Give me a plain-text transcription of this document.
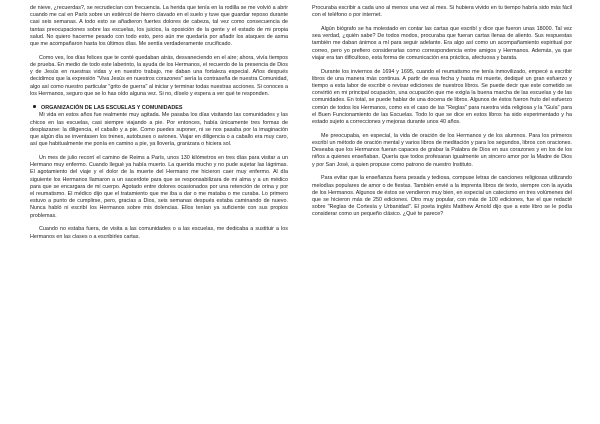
de nieve, ¿recuerdas?, se recrudecían con frecuencia. La herida que tenía en la rodilla se me volvió a abrir cuando me caí en París sobre un estiércol de hierro clavado en el suelo y tuve que guardar reposo durante casi seis semanas. A todo esto se añadieron fuertes dolores de cabeza, tal vez como consecuencia de tantas preocupaciones sobre las escuelas, los juicios, la oposición de la gente y el estado de mi propia salud. No quiero hacerme pesado con todo esto, pero aún me quedaría por añadir los ataques de asma que me acompañaron hasta los últimos días. Me sentía verdaderamente crucificado.

Como ves, los días felices que te conté quedaban atrás, desvaneciendo en el aire; ahora, vivía tiempos de prueba. En medio de todo este laberinto, la ayuda de los Hermanos, el recuerdo de la presencia de Dios y de Jesús en nuestras vidas y en nuestro trabajo, me daban una fortaleza especial. Años después decidimos que la expresión "Viva Jesús en nuestros corazones" sería la contraseña de nuestra Comunidad, algo así como nuestro particular "grito de guerra" al iniciar y terminar todas nuestras acciones. Si conoces a los Hermanos, seguro que se lo has oído alguna vez. Si no, díselo y espera a ver qué te responden.

ORGANIZACIÓN DE LAS ESCUELAS Y COMUNIDADES

Mi vida en estos años fue realmente muy agitada. Me pasaba los días visitando las comunidades y las chicos en las escuelas, casi siempre viajando a pie. Por entonces, había únicamente tres formas de desplazarse: la diligencia, el caballo y a pie. Como puedes suponer, ni se nos pasaba por la imaginación que algún día se inventasen los trenes, autobuses o aviones. Viajar en diligencia o a caballo era muy caro, así que habitualmente me ponía en camino a pie, ya llovería, granizara o hiciera sol.

Un mes de julio recorrí el camino de Reims a París, unos 130 kilómetros en tres días para visitar a un Hermano muy enfermo. Cuando llegué ya había muerto. La querida mucho y no pude sujetar las lágrimas. El agotamiento del viaje y el dolor de la muerte del Hermano me hicieron caer muy enfermo. Al día siguiente los Hermanos llamaron a un sacerdote para que se responsabilizara de mi alma y a un médico para que se encargara de mi cuerpo. Agotado entre dolores ocasionados por una retención de orina y por el reumatismo. El médico dijo que el tratamiento que me iba a dar o me mataba o me curaba. Lo primero estuvo a punto de cumplirse, pero, gracias a Dios, seis semanas después estaba caminando de nuevo. Nunca habló ni escribí los Hermanos sobre mis dolencias. Ellos tenían ya suficiente con sus propios problemas.

Cuando no estaba fuera, de visita a las comunidades o a las escuelas, me dedicaba a sustituir a los Hermanos en las clases o a escribirles cartas.

Procuraba escribir a cada uno al menos una vez al mes. Si hubiera vivido en tu tiempo habría sido más fácil con el teléfono o por internet.

Algún biógrafo se ha molestado en contar las cartas que escribí y dice que fueron unas 18000. Tal vez sea verdad, ¿quién sabe? De todos modos, procuraba que fueran cartas llenas de aliento. Sus respuestas también me daban ánimos a mí para seguir adelante. Era algo así como un acompañamiento espiritual por correo, pero yo prefiero considerarlas como correspondencia entre amigos y Hermanos. Además, ya que viajar era tan dificultoso, esta forma de comunicación era práctica, afectuosa y barata.

Durante los inviernos de 1694 y 1695, cuando el reumatismo me tenía inmovilizado, empecé a escribir libros de una manera más continua. A partir de esa fecha y hasta mi muerte, dediqué un gran esfuerzo y tiempo a esta labor de escribir o revisar ediciones de nuestros libros. Se puede decir que este cometido se convirtió en mi principal ocupación, una ocupación que me exigía la buena marcha de las escuelas y de las comunidades. En total, se puede hablar de una docena de libros. Algunos de éstos fueron fruto del esfuerzo común de todos los Hermanos, como es el caso de las "Reglas" para nuestra vida religiosa y la "Guía" para el Buen Funcionamiento de las Escuelas. Todo lo que se dice en estos libros ha sido experimentado y ha estado sujeto a correcciones y mejoras durante unos 40 años.

Me preocupaba, en especial, la vida de oración de los Hermanos y de los alumnos. Para los primeros escribí un método de oración mental y varios libros de meditación y para los segundos, libros con oraciones. Deseaba que los Hermanos fueran capaces de grabar la Palabra de Dios en sus corazones y en los de los niños a quienes enseñaban. Quería que todos profesaran igualmente un sincero amor por la Madre de Dios y por San José, a quien propuse como patrono de nuestro Instituto.

Para evitar que la enseñanza fuera pesada y tediosa, compuse letras de canciones religiosas utilizando melodías populares de amor o de fiestas. También envié a la imprenta libros de texto, siempre con la ayuda de los Hermanos. Algunos de éstos se vendieron muy bien, en especial un catecismo en tres volúmenes del que se hicieron más de 250 ediciones. Otro muy popular, con más de 100 ediciones, fue el que redacté sobre "Reglas de Cortesía y Urbanidad". El poeta inglés Matthew Arnold dijo que a este libro se le podía considerar como un pequeño clásico. ¿Qué te parece?
